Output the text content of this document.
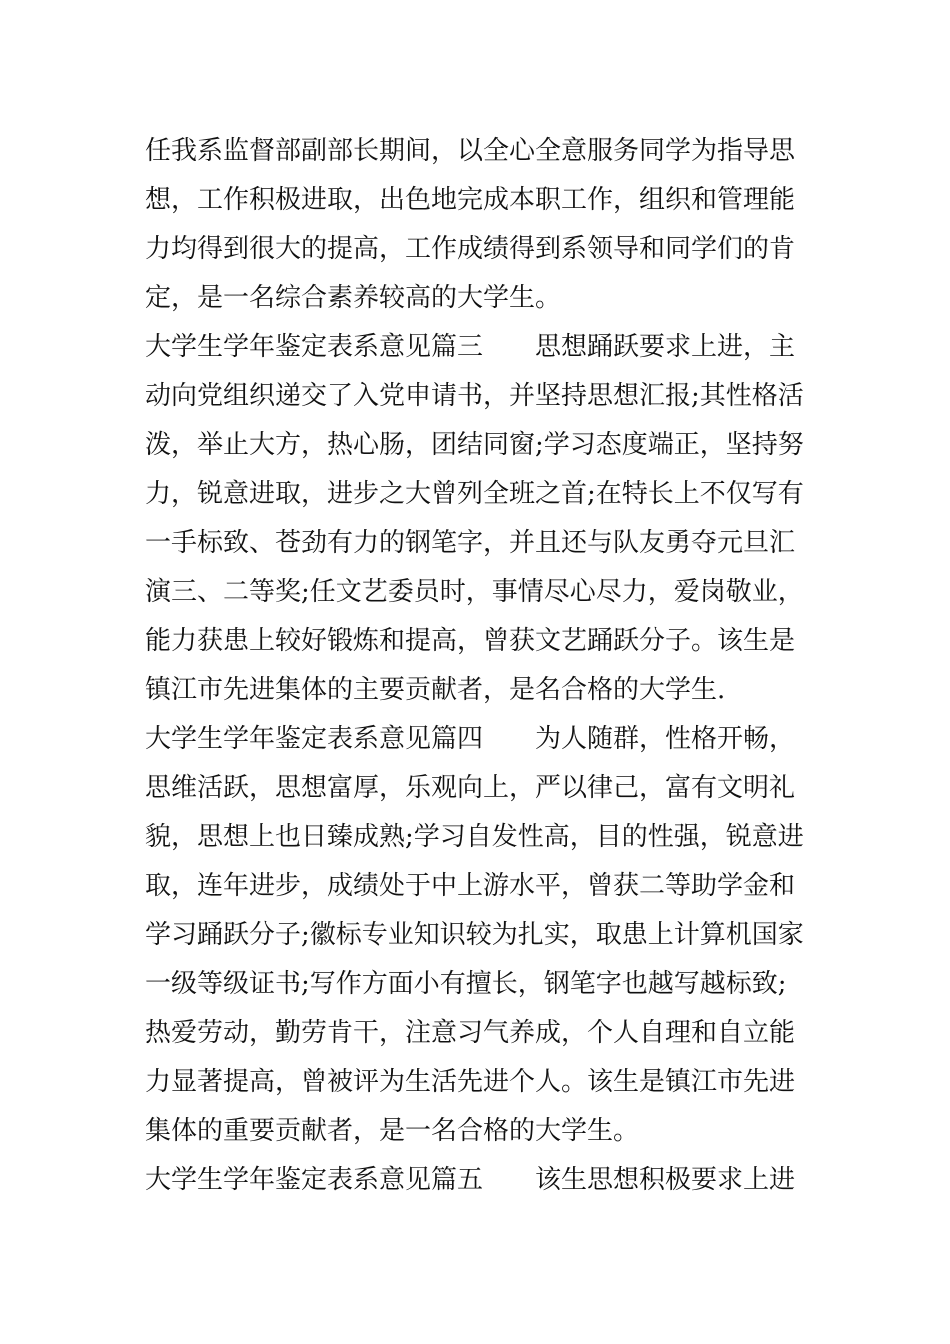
任我系监督部副部长期间，以全心全意服务同学为指导思
想，工作积极进取，出色地完成本职工作，组织和管理能
力均得到很大的提高，工作成绩得到系领导和同学们的肯
定，是一名综合素养较高的大学生。
大学生学年鉴定表系意见篇三　　思想踊跃要求上进，主
动向党组织递交了入党申请书，并坚持思想汇报;其性格活
泼，举止大方，热心肠，团结同窗;学习态度端正，坚持努
力，锐意进取，进步之大曾列全班之首;在特长上不仅写有
一手标致、苍劲有力的钢笔字，并且还与队友勇夺元旦汇
演三、二等奖;任文艺委员时，事情尽心尽力，爱岗敬业，
能力获患上较好锻炼和提高，曾获文艺踊跃分子。该生是
镇江市先进集体的主要贡献者，是名合格的大学生.
大学生学年鉴定表系意见篇四　　为人随群，性格开畅，
思维活跃，思想富厚，乐观向上，严以律己，富有文明礼
貌，思想上也日臻成熟;学习自发性高，目的性强，锐意进
取，连年进步，成绩处于中上游水平，曾获二等助学金和
学习踊跃分子;徽标专业知识较为扎实，取患上计算机国家
一级等级证书;写作方面小有擅长，钢笔字也越写越标致;
热爱劳动，勤劳肯干，注意习气养成，个人自理和自立能
力显著提高，曾被评为生活先进个人。该生是镇江市先进
集体的重要贡献者，是一名合格的大学生。
大学生学年鉴定表系意见篇五　　该生思想积极要求上进
